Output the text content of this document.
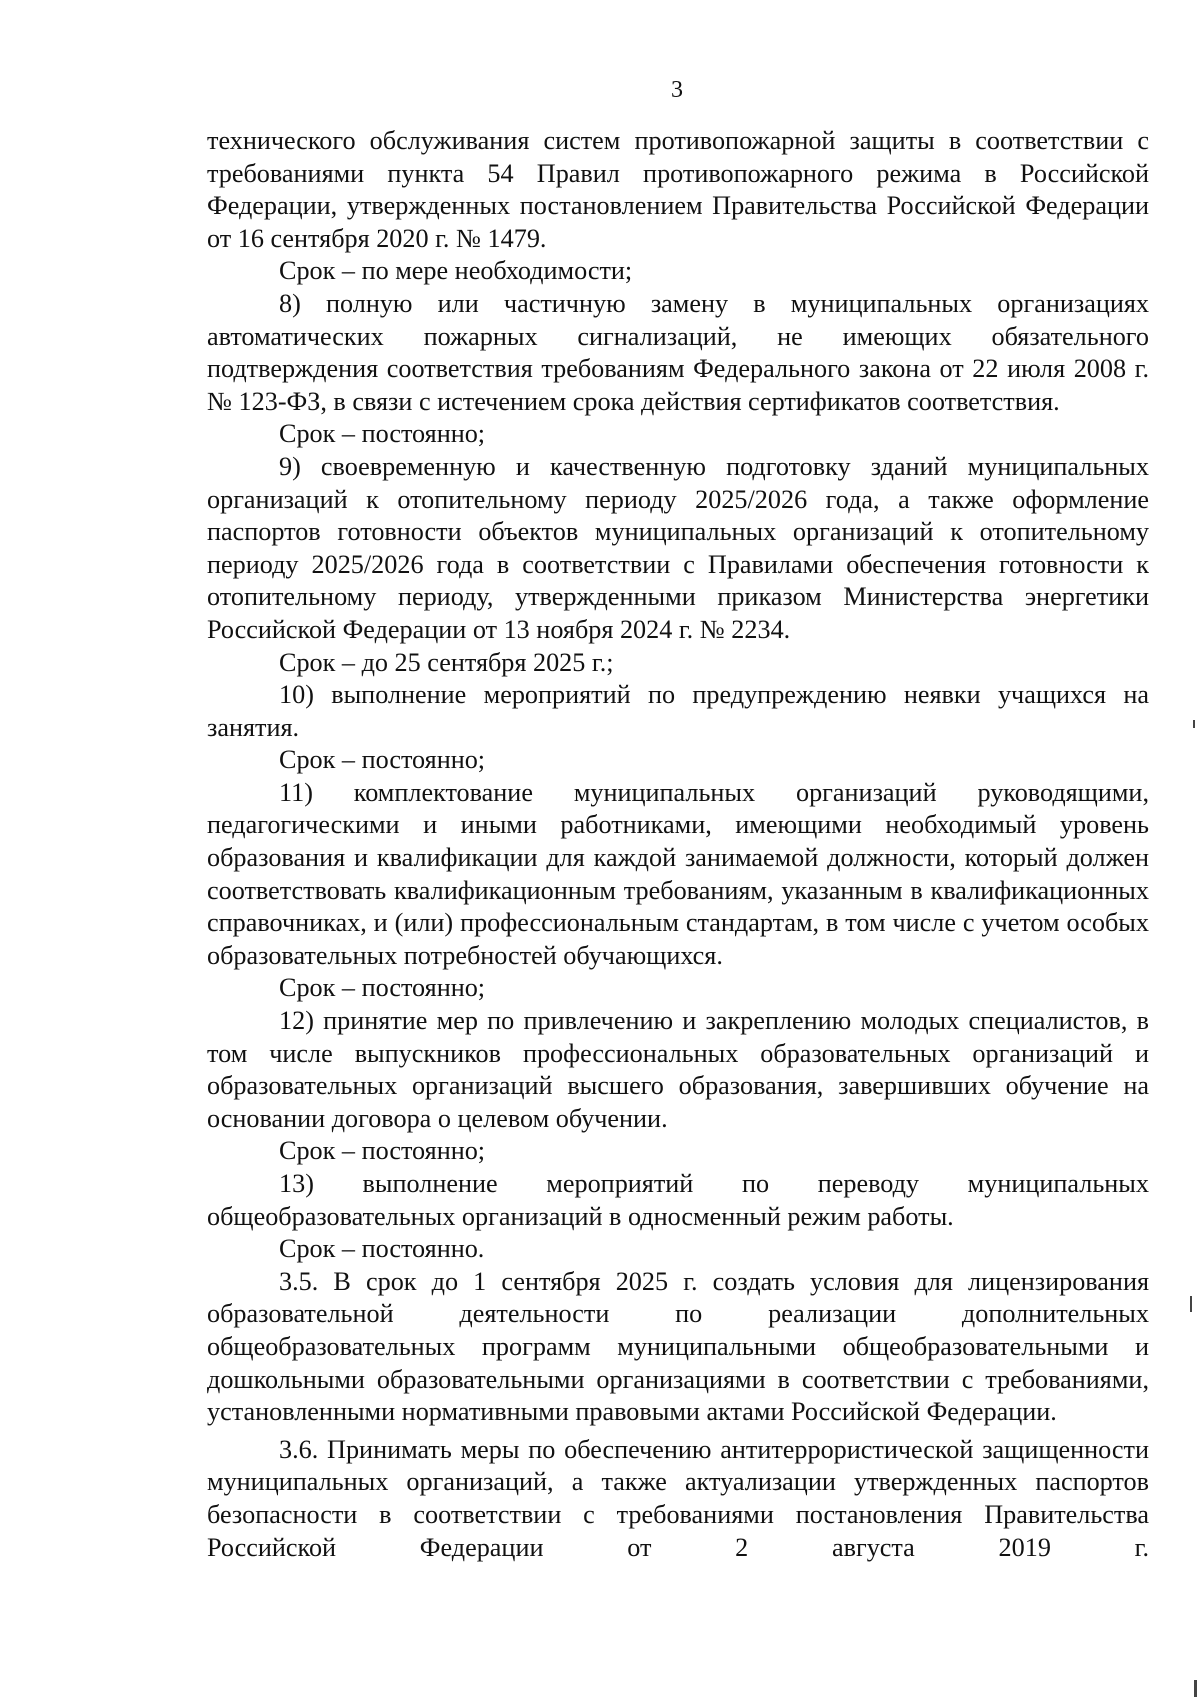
3

технического обслуживания систем противопожарной защиты в соответствии с требованиями пункта 54 Правил противопожарного режима в Российской Федерации, утвержденных постановлением Правительства Российской Федерации от 16 сентября 2020 г. № 1479.

Срок – по мере необходимости;

8) полную или частичную замену в муниципальных организациях автоматических пожарных сигнализаций, не имеющих обязательного подтверждения соответствия требованиям Федерального закона от 22 июля 2008 г. № 123-ФЗ, в связи с истечением срока действия сертификатов соответствия.

Срок – постоянно;

9) своевременную и качественную подготовку зданий муниципальных организаций к отопительному периоду 2025/2026 года, а также оформление паспортов готовности объектов муниципальных организаций к отопительному периоду 2025/2026 года в соответствии с Правилами обеспечения готовности к отопительному периоду, утвержденными приказом Министерства энергетики Российской Федерации от 13 ноября 2024 г. № 2234.

Срок – до 25 сентября 2025 г.;

10) выполнение мероприятий по предупреждению неявки учащихся на занятия.

Срок – постоянно;

11) комплектование муниципальных организаций руководящими, педагогическими и иными работниками, имеющими необходимый уровень образования и квалификации для каждой занимаемой должности, который должен соответствовать квалификационным требованиям, указанным в квалификационных справочниках, и (или) профессиональным стандартам, в том числе с учетом особых образовательных потребностей обучающихся.

Срок – постоянно;

12) принятие мер по привлечению и закреплению молодых специалистов, в том числе выпускников профессиональных образовательных организаций и образовательных организаций высшего образования, завершивших обучение на основании договора о целевом обучении.

Срок – постоянно;

13) выполнение мероприятий по переводу муниципальных общеобразовательных организаций в односменный режим работы.

Срок – постоянно.

3.5. В срок до 1 сентября 2025 г. создать условия для лицензирования образовательной деятельности по реализации дополнительных общеобразовательных программ муниципальными общеобразовательными и дошкольными образовательными организациями в соответствии с требованиями, установленными нормативными правовыми актами Российской Федерации.

3.6. Принимать меры по обеспечению антитеррористической защищенности муниципальных организаций, а также актуализации утвержденных паспортов безопасности в соответствии с требованиями постановления Правительства Российской Федерации от 2 августа 2019 г.
